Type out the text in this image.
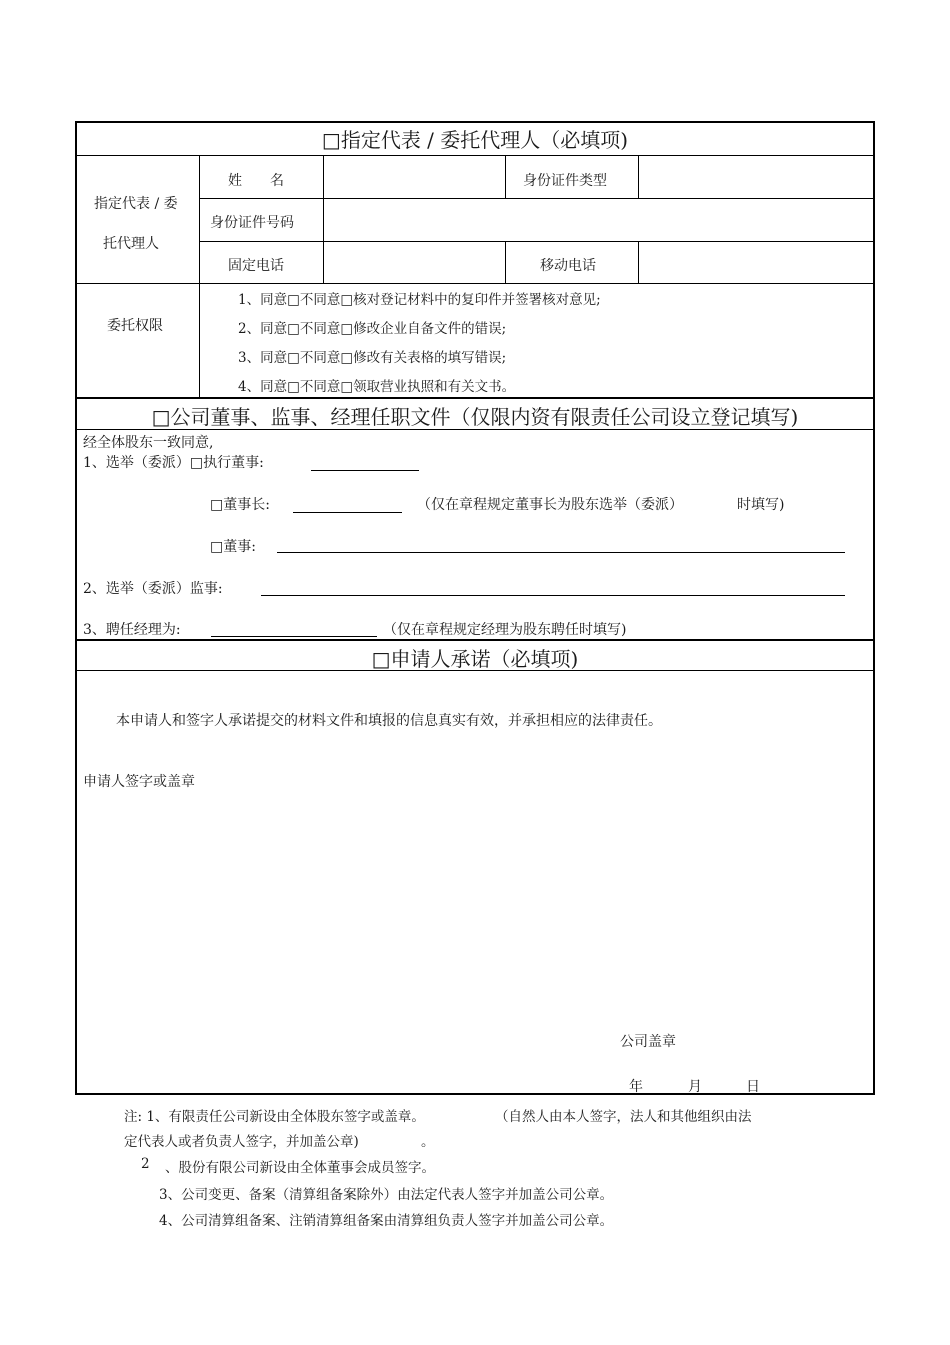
□指定代表 / 委托代理人（必填项)
指定代表 / 委
托代理人
姓　　名	身份证件类型
身份证件号码
固定电话	移动电话
委托权限
1、同意□不同意□核对登记材料中的复印件并签署核对意见;
2、同意□不同意□修改企业自备文件的错误;
3、同意□不同意□修改有关表格的填写错误;
4、同意□不同意□领取营业执照和有关文书。
□公司董事、监事、经理任职文件（仅限内资有限责任公司设立登记填写)
经全体股东一致同意,
1、选举（委派）□执行董事:
□董事长:	（仅在章程规定董事长为股东选举（委派）	时填写)
□董事:
2、选举（委派）监事:
3、聘任经理为:	（仅在章程规定经理为股东聘任时填写)
□申请人承诺（必填项)
本申请人和签字人承诺提交的材料文件和填报的信息真实有效，并承担相应的法律责任。
申请人签字或盖章
公司盖章
年	月	日
注: 1、有限责任公司新设由全体股东签字或盖章。	（自然人由本人签字，法人和其他组织由法
定代表人或者负责人签字，并加盖公章)	。
2 、股份有限公司新设由全体董事会成员签字。
3、公司变更、备案（清算组备案除外）由法定代表人签字并加盖公司公章。
4、公司清算组备案、注销清算组备案由清算组负责人签字并加盖公司公章。
